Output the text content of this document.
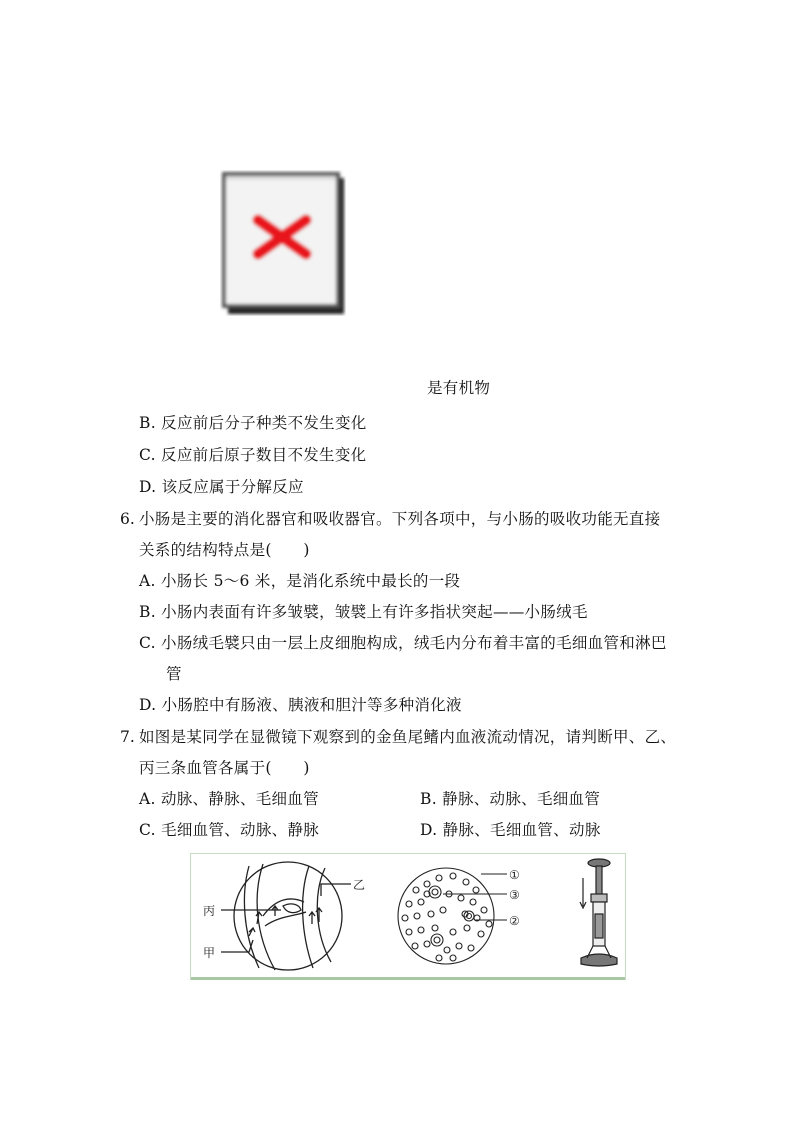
是有机物
B. 反应前后分子种类不发生变化
C. 反应前后原子数目不发生变化
D. 该反应属于分解反应
6. 小肠是主要的消化器官和吸收器官。下列各项中，与小肠的吸收功能无直接
关系的结构特点是(　　)
A. 小肠长 5～6 米，是消化系统中最长的一段
B. 小肠内表面有许多皱襞，皱襞上有许多指状突起——小肠绒毛
C. 小肠绒毛襞只由一层上皮细胞构成，绒毛内分布着丰富的毛细血管和淋巴
管
D. 小肠腔中有肠液、胰液和胆汁等多种消化液
7. 如图是某同学在显微镜下观察到的金鱼尾鳍内血液流动情况，请判断甲、乙、
丙三条血管各属于(　　)
A. 动脉、静脉、毛细血管	B. 静脉、动脉、毛细血管
C. 毛细血管、动脉、静脉	D. 静脉、毛细血管、动脉
丙
甲
乙
①
③
②
